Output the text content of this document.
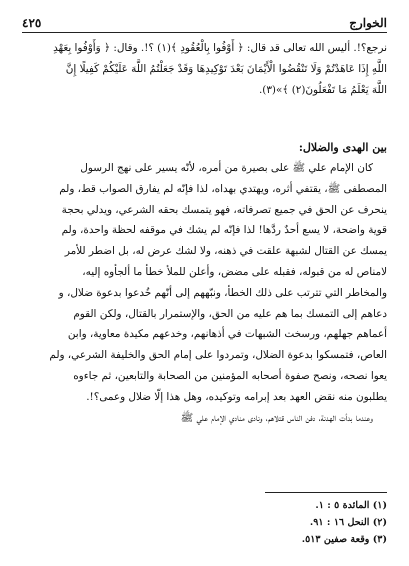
الخوارج
٤٢٥

نرجع؟!. أليس الله تعالى قد قال: ﴿ أَوْفُوا بِالْعُقُودِ ﴾(١) ؟!. وقال: ﴿ وَأَوْفُوا بِعَهْدِ

اللَّهِ إِذَا عَاهَدْتُمْ وَلَا تَنْقُضُوا الْأَيْمَانَ بَعْدَ تَوْكِيدِهَا وَقَدْ جَعَلْتُمُ اللَّهَ عَلَيْكُمْ كَفِيلًا إِنَّ

اللَّهَ يَعْلَمُ مَا تَفْعَلُونَ(٢) ﴾»(٣).

بين الهدى والضلال:

كان الإمام علي ﷺ على بصيرة من أمره، لأنّه يسير على نهج الرسول

المصطفى ﷺ، يقتفي أثره، ويهتدي بهداه، لذا فإنّه لم يفارق الصواب قط، ولم

ينحرف عن الحق في جميع تصرفاته، فهو يتمسك بحقه الشرعي، ويدلي بحجة

قوية واضحة، لا يسع أحدٌ ردَّها! لذا فإنّه لم يشك في موقفه لحظة واحدة، ولم

يمسك عن القتال لشبهة علقت في ذهنه، ولا لشك عرض له، بل اضطر للأمر

لامناص له من قبوله، فقبله على مضض، وأعلن للملأ خطأ ما ألجأوه إليه،

والمخاطر التي تترتب على ذلك الخطأ، ونبّههم إلى أنّهم خُدعوا بدعوة ضلال، و

دعاهم إلى التمسك بما هم عليه من الحق، والإستمرار بالقتال، ولكن القوم

أعماهم جهلهم، ورسخت الشبهات في أذهانهم، وخدعهم مكيدة معاوية، وابن

العاص، فتمسكوا بدعوة الضلال، وتمردوا على إمام الحق والخليفة الشرعي، ولم

يعوا نصحه، ونصح صفوة أصحابه المؤمنين من الصحابة والتابعين، ثم جاءوه

يطلبون منه نقض العهد بعد إبرامه وتوكيده، وهل هذا إلّا ضلال وعمى؟!.

وعندما بدأت الهدنة، دفن الناس قتلاهم، ونادى منادي الإمام علي ﷺ

(١) المائدة ٥ : ١.

(٢) النحل ١٦ : ٩١.

(٣) وقعة صفين ٥١٣.
